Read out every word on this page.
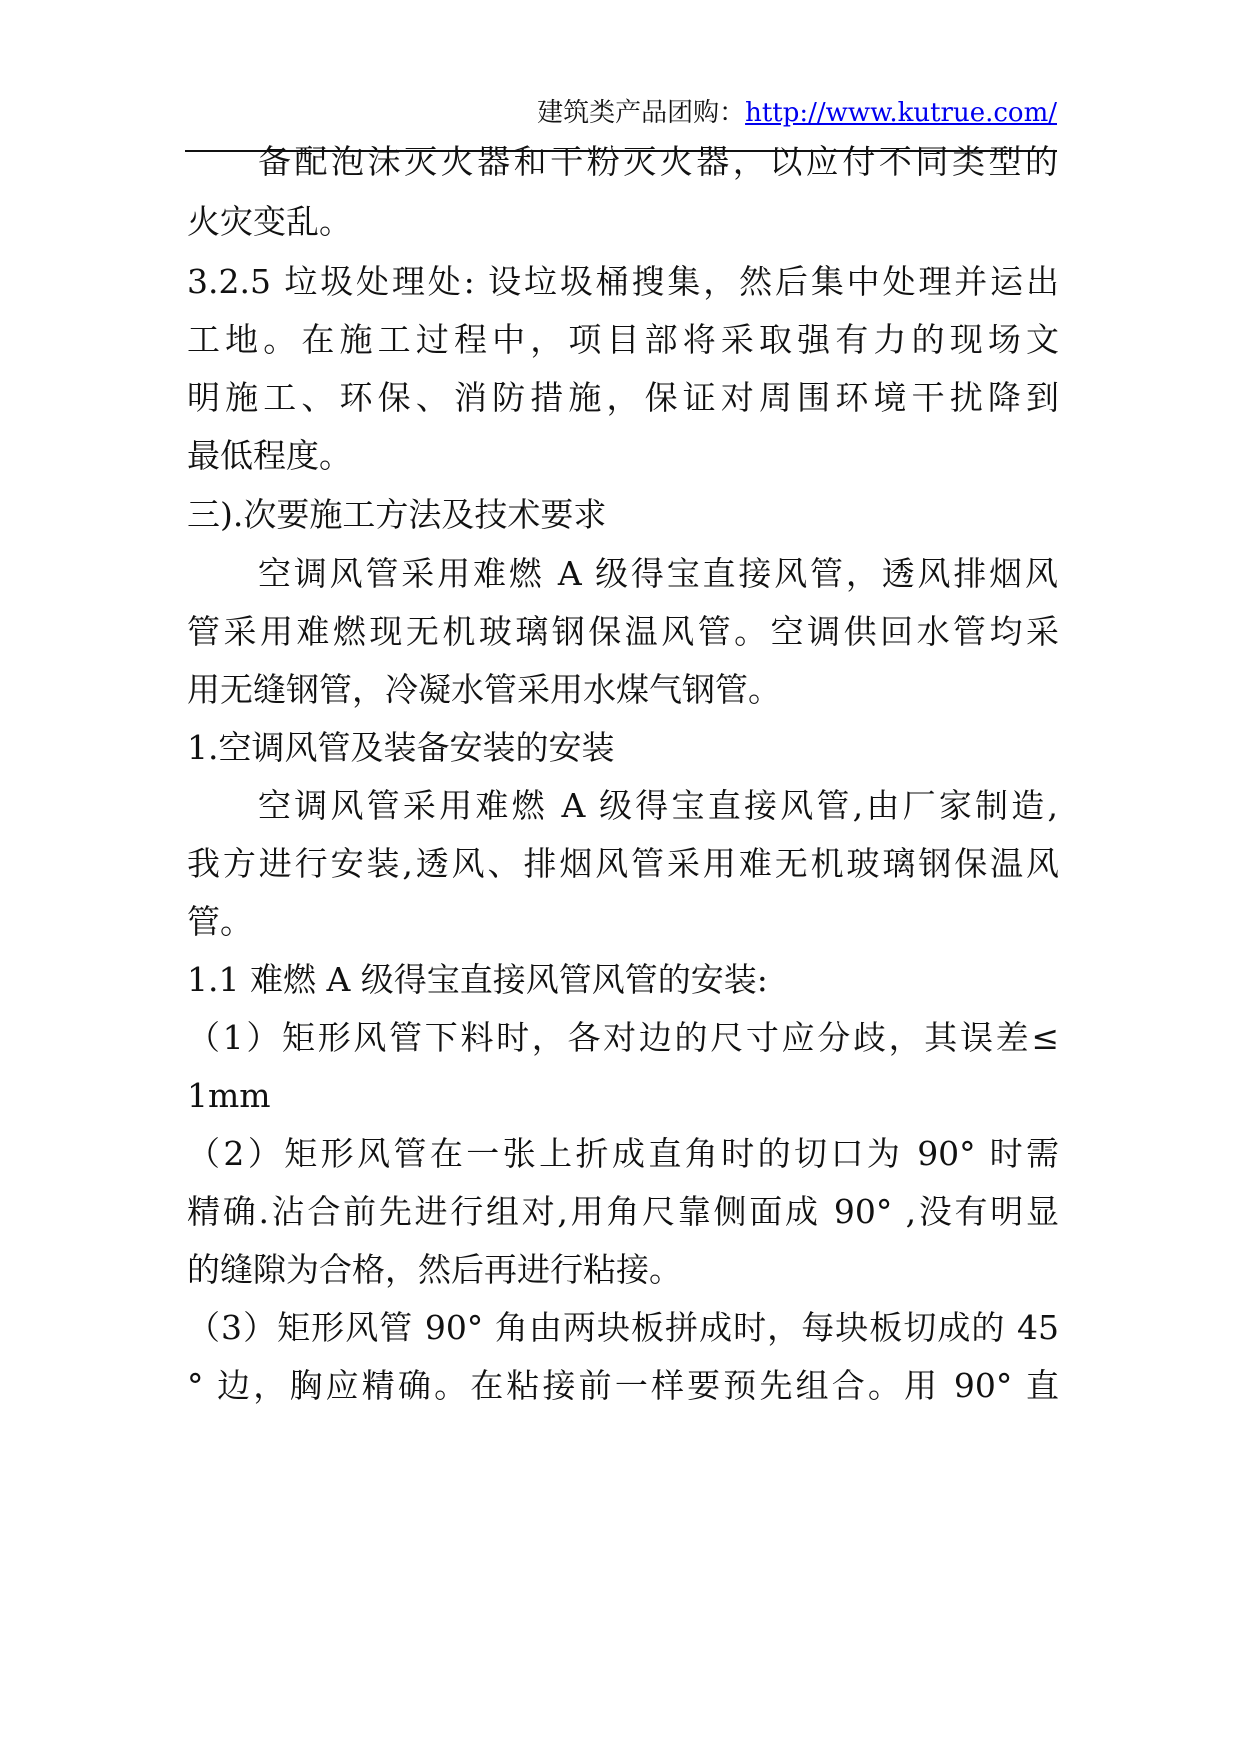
建筑类产品团购：http://www.kutrue.com/
备配泡沫灭火器和干粉灭火器，以应付不同类型的
火灾变乱。
3.2.5 垃圾处理处: 设垃圾桶搜集，然后集中处理并运出
工地。在施工过程中，项目部将采取强有力的现场文
明施工、环保、消防措施，保证对周围环境干扰降到
最低程度。
三).次要施工方法及技术要求
空调风管采用难燃 A 级得宝直接风管，透风排烟风
管采用难燃现无机玻璃钢保温风管。空调供回水管均采
用无缝钢管，冷凝水管采用水煤气钢管。
1.空调风管及装备安装的安装
空调风管采用难燃 A 级得宝直接风管,由厂家制造,
我方进行安装,透风、排烟风管采用难无机玻璃钢保温风
管。
1.1 难燃 A 级得宝直接风管风管的安装:
（1）矩形风管下料时，各对边的尺寸应分歧，其误差≤
1mm
（2）矩形风管在一张上折成直角时的切口为 90° 时需
精确.沾合前先进行组对,用角尺靠侧面成 90° ,没有明显
的缝隙为合格，然后再进行粘接。
（3）矩形风管 90° 角由两块板拼成时，每块板切成的 45
° 边，胸应精确。在粘接前一样要预先组合。用 90° 直
